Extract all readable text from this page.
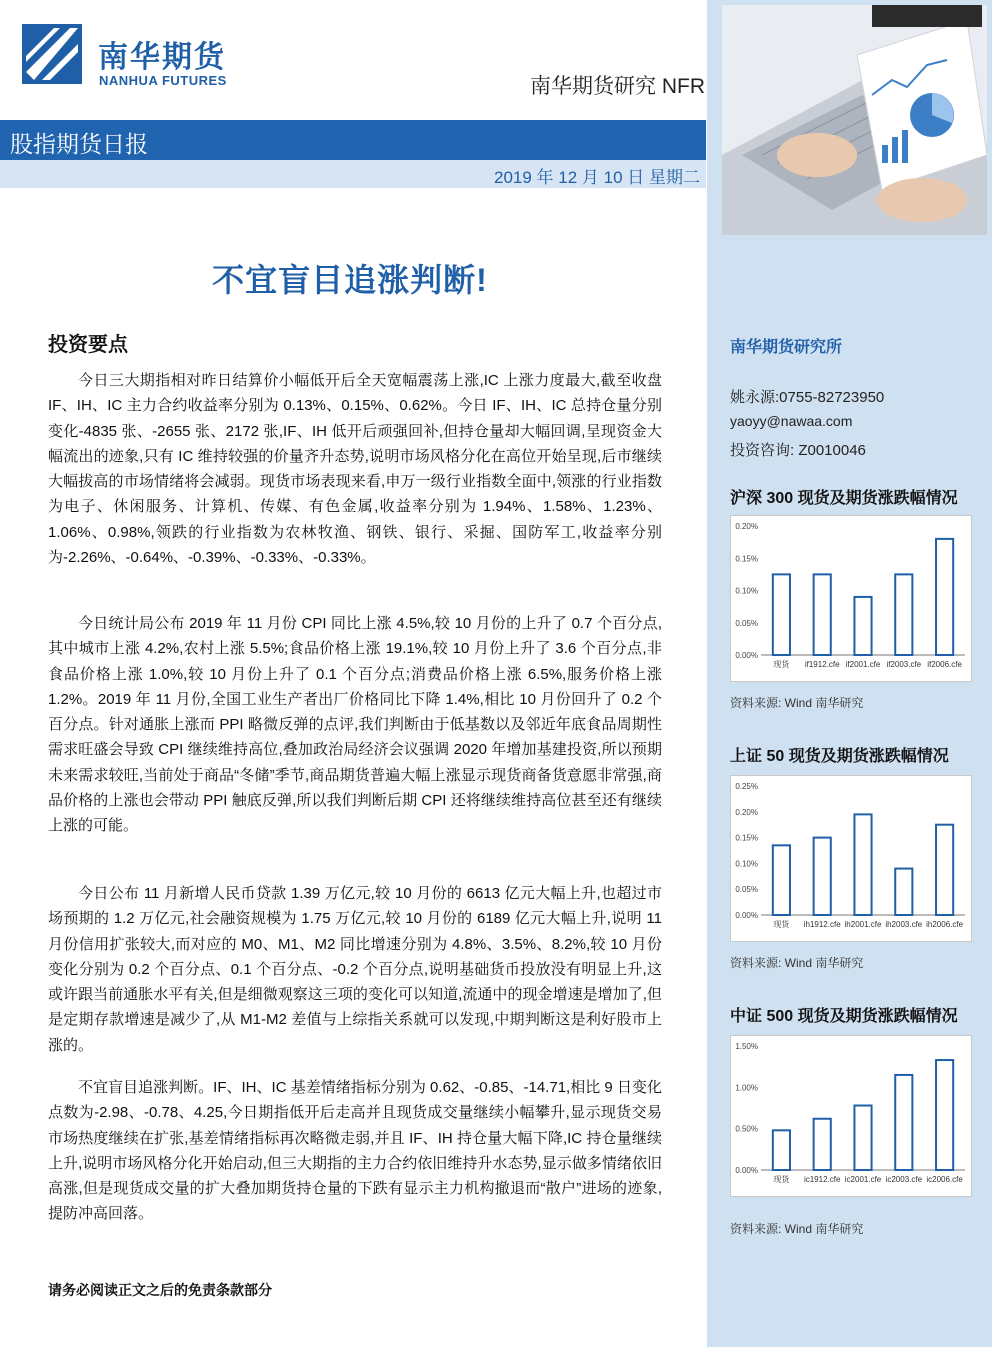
南华期货
NANHUA FUTURES	南华期货研究 NFR
股指期货日报
2019 年 12 月 10 日 星期二
南华期货研究所
姚永源:0755-82723950
yaoyy@nawaa.com
投资咨询: Z0010046
沪深 300 现货及期货涨跌幅情况
0.00%
0.05%
0.10%
0.15%
0.20%
现货 if1912.cfe if2001.cfe if2003.cfe if2006.cfe
资料来源: Wind 南华研究
上证 50 现货及期货涨跌幅情况
0.00%
0.05%
0.10%
0.15%
0.20%
0.25%
现货 ih1912.cfe ih2001.cfe ih2003.cfe ih2006.cfe
资料来源: Wind 南华研究
中证 500 现货及期货涨跌幅情况
0.00%
0.50%
1.00%
1.50%
现货 ic1912.cfe ic2001.cfe ic2003.cfe ic2006.cfe
资料来源: Wind 南华研究
不宜盲目追涨判断!
投资要点

今日三大期指相对昨日结算价小幅低开后全天宽幅震荡上涨,IC 上涨力度最大,截至收盘 IF、IH、IC 主力合约收益率分别为 0.13%、0.15%、0.62%。今日 IF、IH、IC 总持仓量分别变化-4835 张、-2655 张、2172 张,IF、IH 低开后顽强回补,但持仓量却大幅回调,呈现资金大幅流出的迹象,只有 IC 维持较强的价量齐升态势,说明市场风格分化在高位开始呈现,后市继续大幅拔高的市场情绪将会减弱。现货市场表现来看,申万一级行业指数全面中,领涨的行业指数为电子、休闲服务、计算机、传媒、有色金属,收益率分别为 1.94%、1.58%、1.23%、1.06%、0.98%,领跌的行业指数为农林牧渔、钢铁、银行、采掘、国防军工,收益率分别为-2.26%、-0.64%、-0.39%、-0.33%、-0.33%。

今日统计局公布 2019 年 11 月份 CPI 同比上涨 4.5%,较 10 月份的上升了 0.7 个百分点,其中城市上涨 4.2%,农村上涨 5.5%;食品价格上涨 19.1%,较 10 月份上升了 3.6 个百分点,非食品价格上涨 1.0%,较 10 月份上升了 0.1 个百分点;消费品价格上涨 6.5%,服务价格上涨 1.2%。2019 年 11 月份,全国工业生产者出厂价格同比下降 1.4%,相比 10 月份回升了 0.2 个百分点。针对通胀上涨而 PPI 略微反弹的点评,我们判断由于低基数以及邻近年底食品周期性需求旺盛会导致 CPI 继续维持高位,叠加政治局经济会议强调 2020 年增加基建投资,所以预期未来需求较旺,当前处于商品“冬储”季节,商品期货普遍大幅上涨显示现货商备货意愿非常强,商品价格的上涨也会带动 PPI 触底反弹,所以我们判断后期 CPI 还将继续维持高位甚至还有继续上涨的可能。

今日公布 11 月新增人民币贷款 1.39 万亿元,较 10 月份的 6613 亿元大幅上升,也超过市场预期的 1.2 万亿元,社会融资规模为 1.75 万亿元,较 10 月份的 6189 亿元大幅上升,说明 11 月份信用扩张较大,而对应的 M0、M1、M2 同比增速分别为 4.8%、3.5%、8.2%,较 10 月份变化分别为 0.2 个百分点、0.1 个百分点、-0.2 个百分点,说明基础货币投放没有明显上升,这或许跟当前通胀水平有关,但是细微观察这三项的变化可以知道,流通中的现金增速是增加了,但是定期存款增速是减少了,从 M1-M2 差值与上综指关系就可以发现,中期判断这是利好股市上涨的。

不宜盲目追涨判断。IF、IH、IC 基差情绪指标分别为 0.62、-0.85、-14.71,相比 9 日变化点数为-2.98、-0.78、4.25,今日期指低开后走高并且现货成交量继续小幅攀升,显示现货交易市场热度继续在扩张,基差情绪指标再次略微走弱,并且 IF、IH 持仓量大幅下降,IC 持仓量继续上升,说明市场风格分化开始启动,但三大期指的主力合约依旧维持升水态势,显示做多情绪依旧高涨,但是现货成交量的扩大叠加期货持仓量的下跌有显示主力机构撤退而“散户”进场的迹象,提防冲高回落。

请务必阅读正文之后的免责条款部分
